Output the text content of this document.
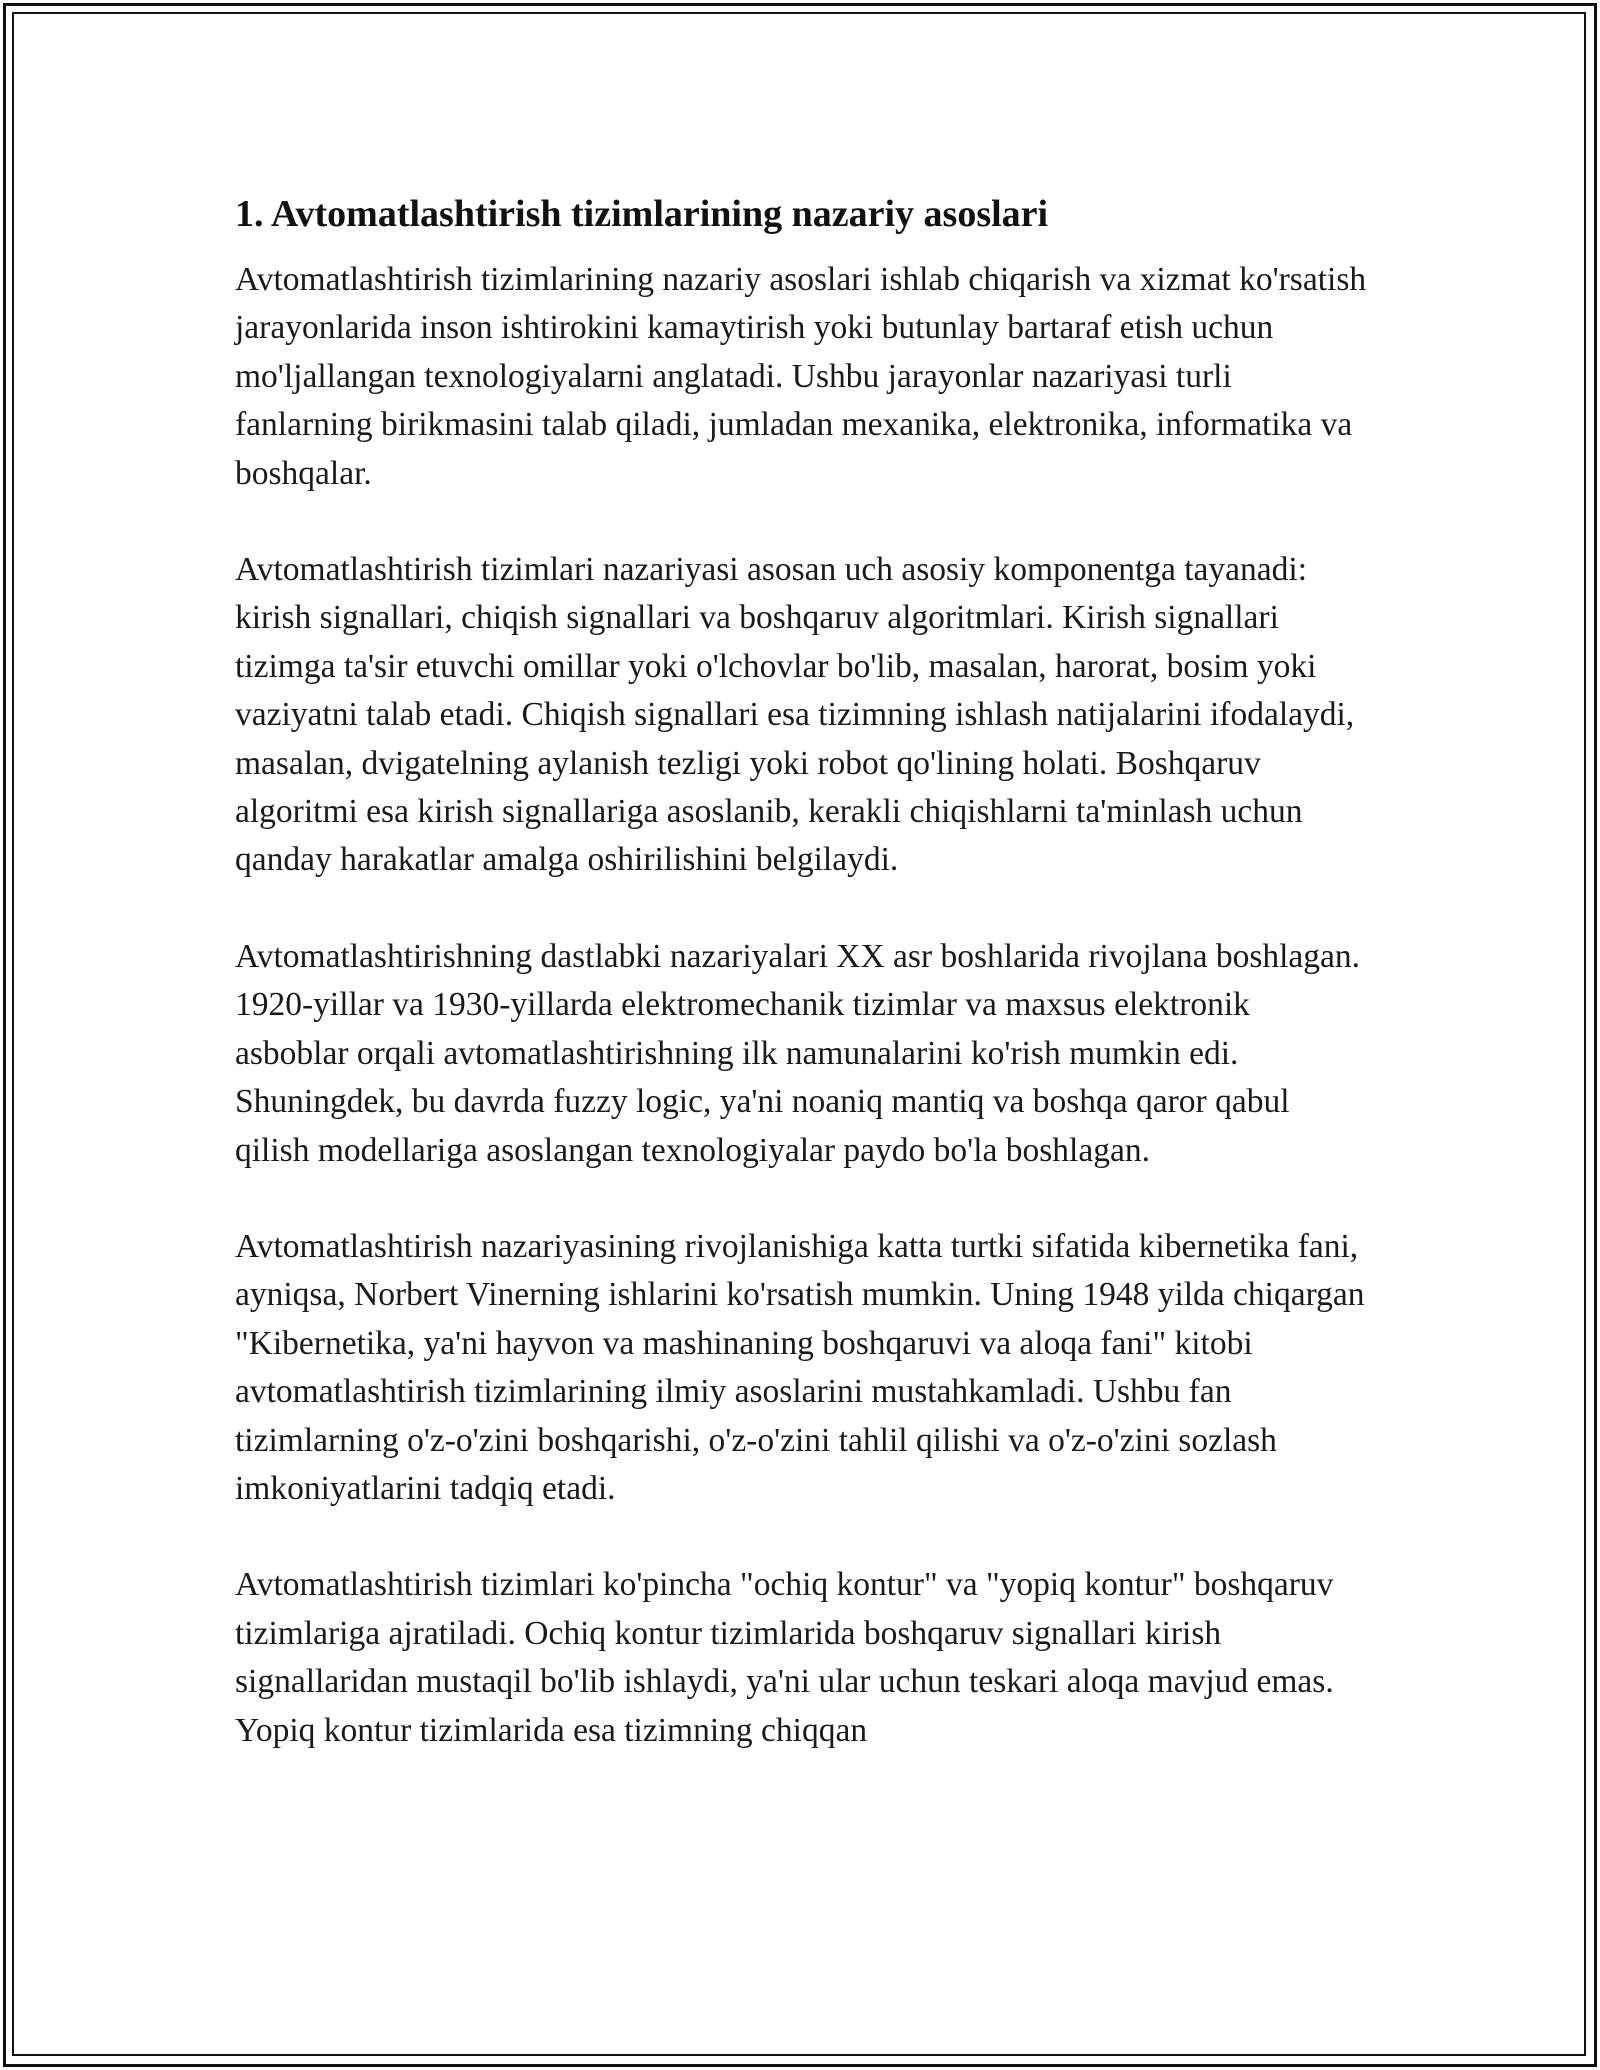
1. Avtomatlashtirish tizimlarining nazariy asoslari

Avtomatlashtirish tizimlarining nazariy asoslari ishlab chiqarish va xizmat ko'rsatish jarayonlarida inson ishtirokini kamaytirish yoki butunlay bartaraf etish uchun mo'ljallangan texnologiyalarni anglatadi. Ushbu jarayonlar nazariyasi turli fanlarning birikmasini talab qiladi, jumladan mexanika, elektronika, informatika va boshqalar.

Avtomatlashtirish tizimlari nazariyasi asosan uch asosiy komponentga tayanadi: kirish signallari, chiqish signallari va boshqaruv algoritmlari. Kirish signallari tizimga ta'sir etuvchi omillar yoki o'lchovlar bo'lib, masalan, harorat, bosim yoki vaziyatni talab etadi. Chiqish signallari esa tizimning ishlash natijalarini ifodalaydi, masalan, dvigatelning aylanish tezligi yoki robot qo'lining holati. Boshqaruv algoritmi esa kirish signallariga asoslanib, kerakli chiqishlarni ta'minlash uchun qanday harakatlar amalga oshirilishini belgilaydi.

Avtomatlashtirishning dastlabki nazariyalari XX asr boshlarida rivojlana boshlagan. 1920-yillar va 1930-yillarda elektromechanik tizimlar va maxsus elektronik asboblar orqali avtomatlashtirishning ilk namunalarini ko'rish mumkin edi. Shuningdek, bu davrda fuzzy logic, ya'ni noaniq mantiq va boshqa qaror qabul qilish modellariga asoslangan texnologiyalar paydo bo'la boshlagan.

Avtomatlashtirish nazariyasining rivojlanishiga katta turtki sifatida kibernetika fani, ayniqsa, Norbert Vinerning ishlarini ko'rsatish mumkin. Uning 1948 yilda chiqargan "Kibernetika, ya'ni hayvon va mashinaning boshqaruvi va aloqa fani" kitobi avtomatlashtirish tizimlarining ilmiy asoslarini mustahkamladi. Ushbu fan tizimlarning o'z-o'zini boshqarishi, o'z-o'zini tahlil qilishi va o'z-o'zini sozlash imkoniyatlarini tadqiq etadi.

Avtomatlashtirish tizimlari ko'pincha "ochiq kontur" va "yopiq kontur" boshqaruv tizimlariga ajratiladi. Ochiq kontur tizimlarida boshqaruv signallari kirish signallaridan mustaqil bo'lib ishlaydi, ya'ni ular uchun teskari aloqa mavjud emas. Yopiq kontur tizimlarida esa tizimning chiqqan
